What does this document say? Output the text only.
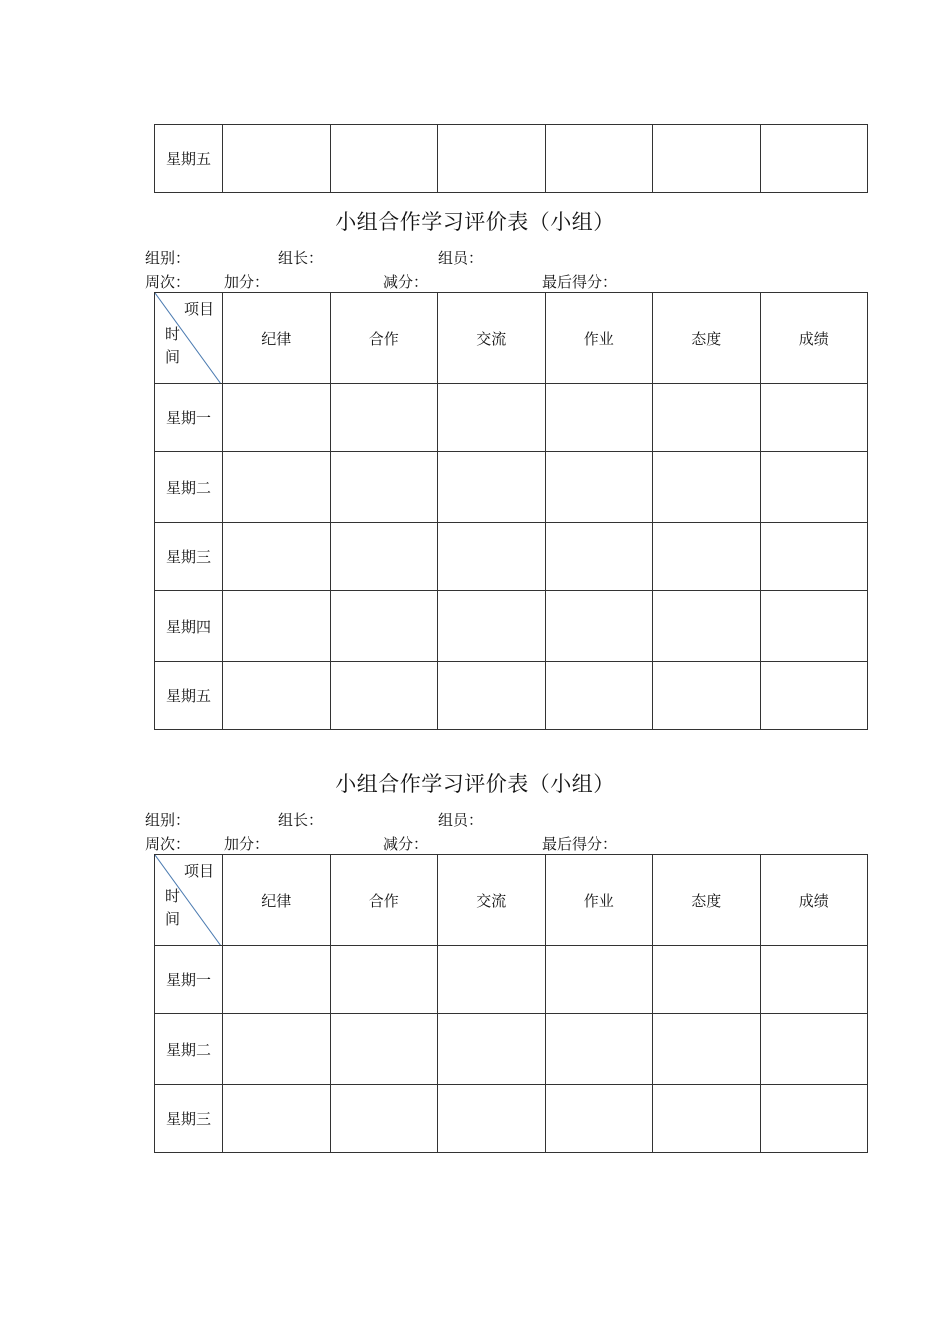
星期五						
小组合作学习评价表（小组）
组别：	组长：	组员：
周次： 加分：	减分：	最后得分：
项目
时
间	纪律	合作	交流	作业	态度	成绩
星期一						
星期二						
星期三						
星期四						
星期五						
小组合作学习评价表（小组）
组别：	组长：	组员：
周次： 加分：	减分：	最后得分：
项目
时
间	纪律	合作	交流	作业	态度	成绩
星期一						
星期二						
星期三						
